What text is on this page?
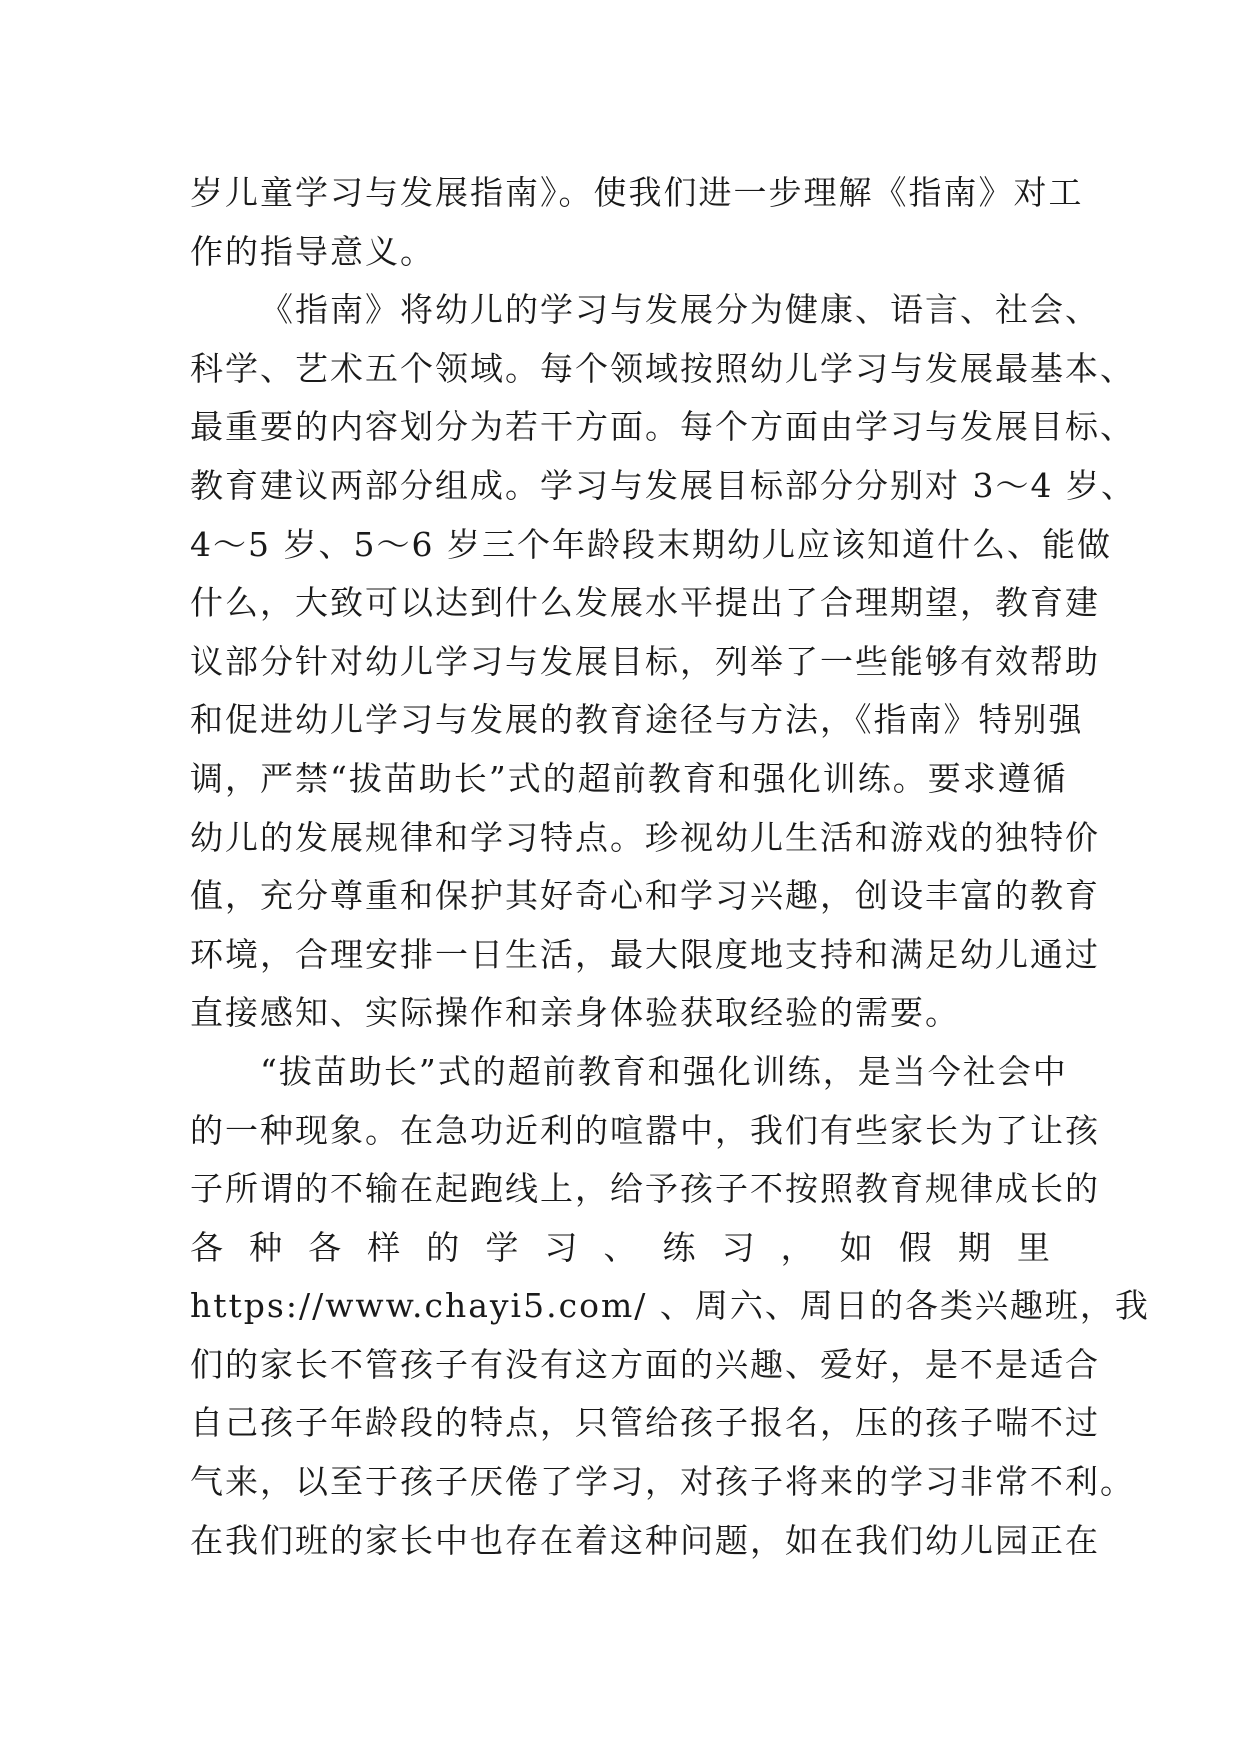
岁儿童学习与发展指南》。使我们进一步理解《指南》对工
作的指导意义。
《指南》将幼儿的学习与发展分为健康、语言、社会、
科学、艺术五个领域。每个领域按照幼儿学习与发展最基本、
最重要的内容划分为若干方面。每个方面由学习与发展目标、
教育建议两部分组成。学习与发展目标部分分别对 3～4 岁、
4～5 岁、5～6 岁三个年龄段末期幼儿应该知道什么、能做
什么，大致可以达到什么发展水平提出了合理期望，教育建
议部分针对幼儿学习与发展目标，列举了一些能够有效帮助
和促进幼儿学习与发展的教育途径与方法，《指南》特别强
调，严禁“拔苗助长”式的超前教育和强化训练。要求遵循
幼儿的发展规律和学习特点。珍视幼儿生活和游戏的独特价
值，充分尊重和保护其好奇心和学习兴趣，创设丰富的教育
环境，合理安排一日生活，最大限度地支持和满足幼儿通过
直接感知、实际操作和亲身体验获取经验的需要。
“拔苗助长”式的超前教育和强化训练，是当今社会中
的一种现象。在急功近利的喧嚣中，我们有些家长为了让孩
子所谓的不输在起跑线上，给予孩子不按照教育规律成长的
各 种 各 样 的 学 习 、 练 习 ， 如 假 期 里
https://www.chayi5.com/ 、周六、周日的各类兴趣班，我
们的家长不管孩子有没有这方面的兴趣、爱好，是不是适合
自己孩子年龄段的特点，只管给孩子报名，压的孩子喘不过
气来，以至于孩子厌倦了学习，对孩子将来的学习非常不利。
在我们班的家长中也存在着这种问题，如在我们幼儿园正在
